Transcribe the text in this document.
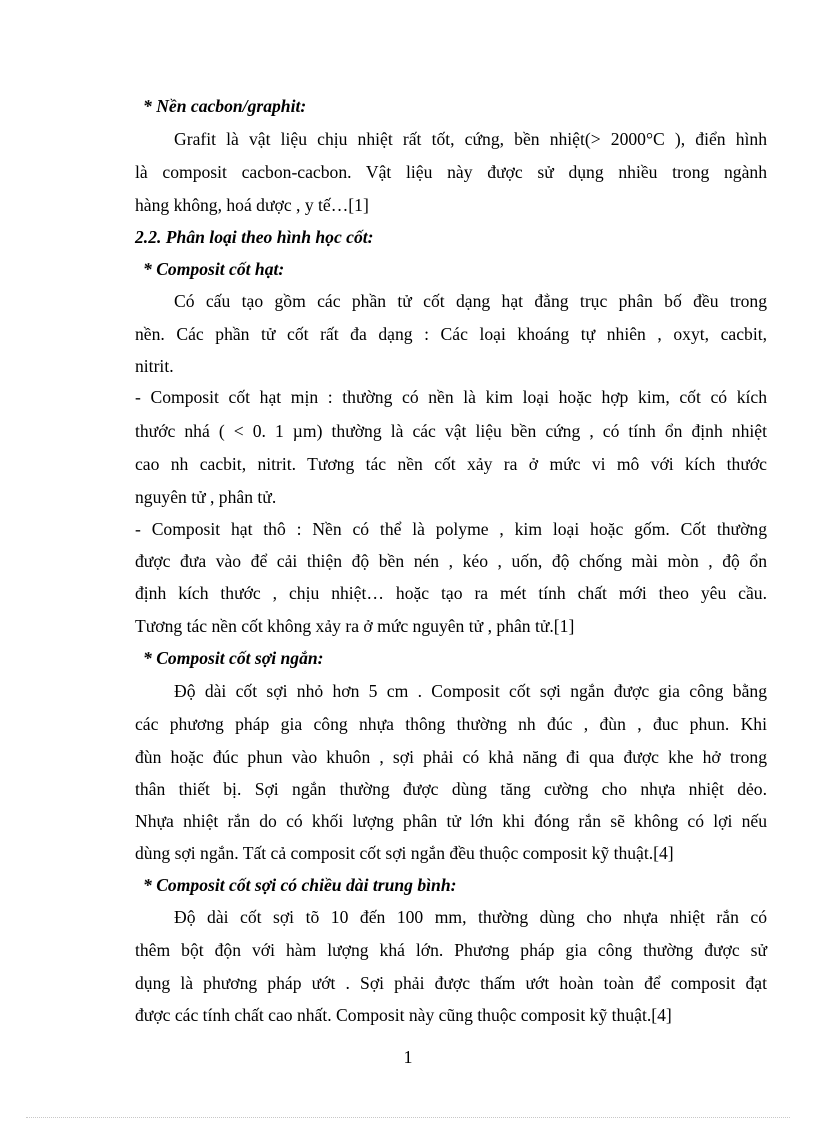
* Nền cacbon/graphit:
Grafit là vật liệu chịu nhiệt rất tốt, cứng, bền nhiệt(> 2000°C ), điển hình
là composit cacbon-cacbon. Vật liệu này được sử dụng nhiều trong ngành
hàng không, hoá dược , y tế…[1]
2.2. Phân loại theo hình học cốt:
* Composit cốt hạt:
Có cấu tạo gồm các phần tử cốt dạng hạt đẳng trục phân bố đều trong
nền. Các phần tử cốt rất đa dạng : Các loại khoáng tự nhiên , oxyt, cacbit,
nitrit.
- Composit cốt hạt mịn : thường có nền là kim loại hoặc hợp kim, cốt có kích
thước nhá ( < 0. 1 µm) thường là các vật liệu bền cứng , có tính ổn định nhiệt
cao nh cacbit, nitrit. Tương tác nền cốt xảy ra ở mức vi mô với kích thước
nguyên tử , phân tử.
- Composit hạt thô : Nền có thể là polyme , kim loại hoặc gốm. Cốt thường
được đưa vào để cải thiện độ bền nén , kéo , uốn, độ chống mài mòn , độ ổn
định kích thước , chịu nhiệt… hoặc tạo ra mét tính chất mới theo yêu cầu.
Tương tác nền cốt không xảy ra ở mức nguyên tử , phân tử.[1]
* Composit cốt sợi ngắn:
Độ dài cốt sợi nhỏ hơn 5 cm . Composit cốt sợi ngắn được gia công bằng
các phương pháp gia công nhựa thông thường nh đúc , đùn , đuc phun. Khi
đùn hoặc đúc phun vào khuôn , sợi phải có khả năng đi qua được khe hở trong
thân thiết bị. Sợi ngắn thường được dùng tăng cường cho nhựa nhiệt dẻo.
Nhựa nhiệt rắn do có khối lượng phân tử lớn khi đóng rắn sẽ không có lợi nếu
dùng sợi ngắn. Tất cả composit cốt sợi ngắn đều thuộc composit kỹ thuật.[4]
* Composit cốt sợi có chiều dài trung bình:
Độ dài cốt sợi tõ 10 đến 100 mm, thường dùng cho nhựa nhiệt rắn có
thêm bột độn với hàm lượng khá lớn. Phương pháp gia công thường được sử
dụng là phương pháp ướt . Sợi phải được thấm ướt hoàn toàn để composit đạt
được các tính chất cao nhất. Composit này cũng thuộc composit kỹ thuật.[4]
1
